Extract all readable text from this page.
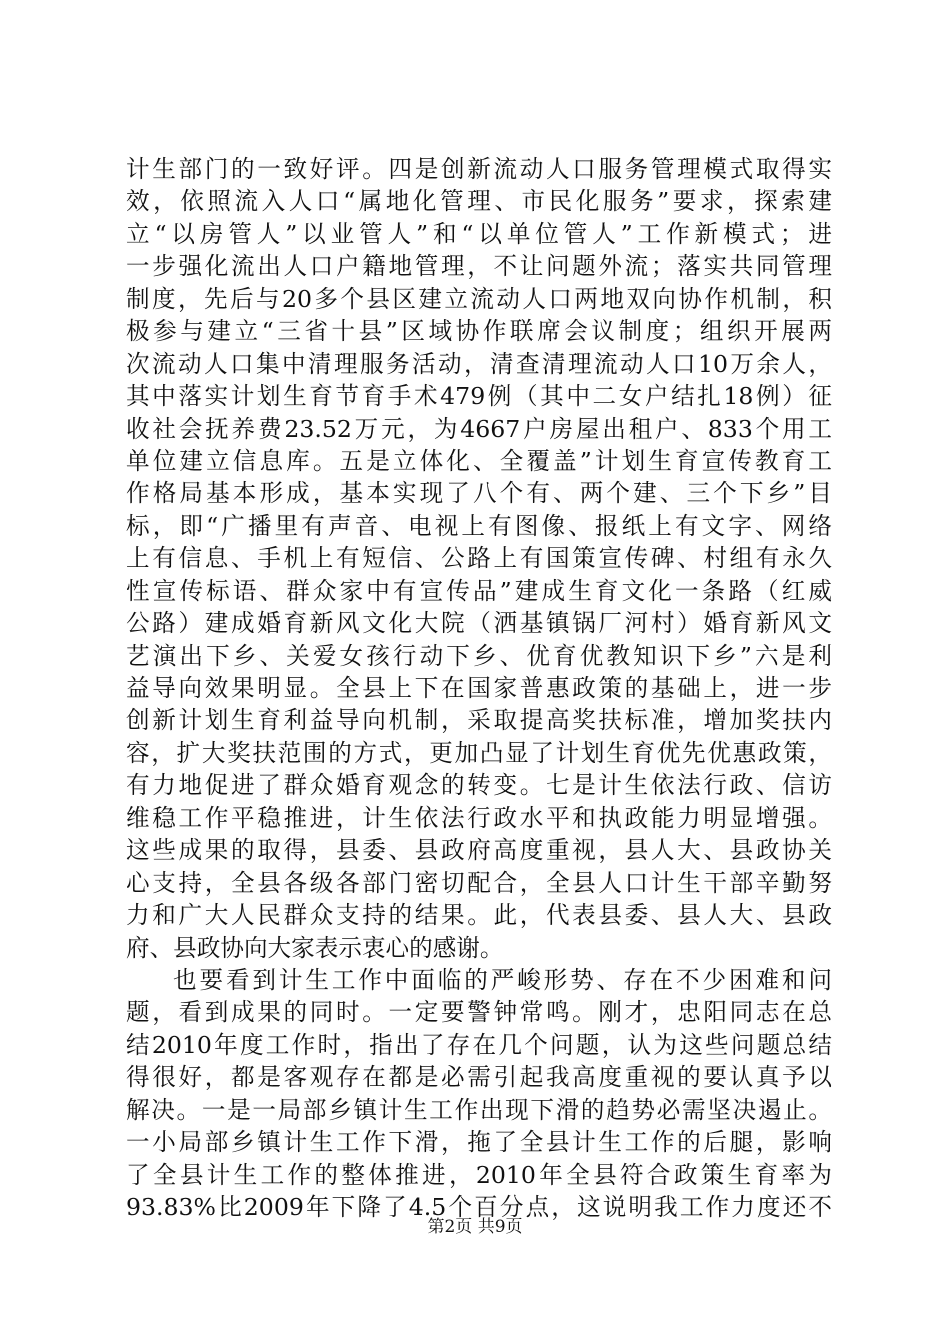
计生部门的一致好评。四是创新流动人口服务管理模式取得实
效，依照流入人口“属地化管理、市民化服务”要求，探索建
立“以房管人”以业管人”和“以单位管人”工作新模式；进
一步强化流出人口户籍地管理，不让问题外流；落实共同管理
制度，先后与20多个县区建立流动人口两地双向协作机制，积
极参与建立“三省十县”区域协作联席会议制度；组织开展两
次流动人口集中清理服务活动，清查清理流动人口10万余人，
其中落实计划生育节育手术479例（其中二女户结扎18例）征
收社会抚养费23.52万元，为4667户房屋出租户、833个用工
单位建立信息库。五是立体化、全覆盖”计划生育宣传教育工
作格局基本形成，基本实现了八个有、两个建、三个下乡”目
标，即“广播里有声音、电视上有图像、报纸上有文字、网络
上有信息、手机上有短信、公路上有国策宣传碑、村组有永久
性宣传标语、群众家中有宣传品”建成生育文化一条路（红威
公路）建成婚育新风文化大院（洒基镇锅厂河村）婚育新风文
艺演出下乡、关爱女孩行动下乡、优育优教知识下乡”六是利
益导向效果明显。全县上下在国家普惠政策的基础上，进一步
创新计划生育利益导向机制，采取提高奖扶标准，增加奖扶内
容，扩大奖扶范围的方式，更加凸显了计划生育优先优惠政策，
有力地促进了群众婚育观念的转变。七是计生依法行政、信访
维稳工作平稳推进，计生依法行政水平和执政能力明显增强。
这些成果的取得，县委、县政府高度重视，县人大、县政协关
心支持，全县各级各部门密切配合，全县人口计生干部辛勤努
力和广大人民群众支持的结果。此，代表县委、县人大、县政
府、县政协向大家表示衷心的感谢。
也要看到计生工作中面临的严峻形势、存在不少困难和问
题，看到成果的同时。一定要警钟常鸣。刚才，忠阳同志在总
结2010年度工作时，指出了存在几个问题，认为这些问题总结
得很好，都是客观存在都是必需引起我高度重视的要认真予以
解决。一是一局部乡镇计生工作出现下滑的趋势必需坚决遏止。
一小局部乡镇计生工作下滑，拖了全县计生工作的后腿，影响
了全县计生工作的整体推进，2010年全县符合政策生育率为
93.83%比2009年下降了4.5个百分点，这说明我工作力度还不
第2页 共9页
